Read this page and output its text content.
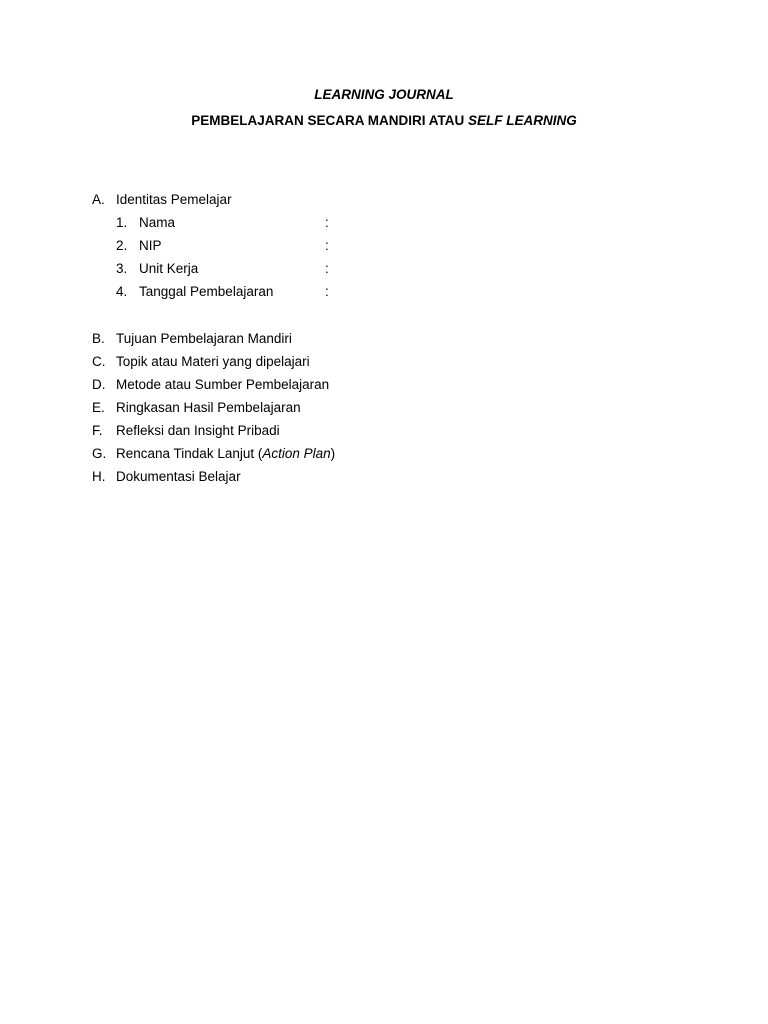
LEARNING JOURNAL
PEMBELAJARAN SECARA MANDIRI ATAU SELF LEARNING
A. Identitas Pemelajar
1. Nama	:
2. NIP	:
3. Unit Kerja	:
4. Tanggal Pembelajaran	:
B. Tujuan Pembelajaran Mandiri
C. Topik atau Materi yang dipelajari
D. Metode atau Sumber Pembelajaran
E. Ringkasan Hasil Pembelajaran
F. Refleksi dan Insight Pribadi
G. Rencana Tindak Lanjut (Action Plan)
H. Dokumentasi Belajar
